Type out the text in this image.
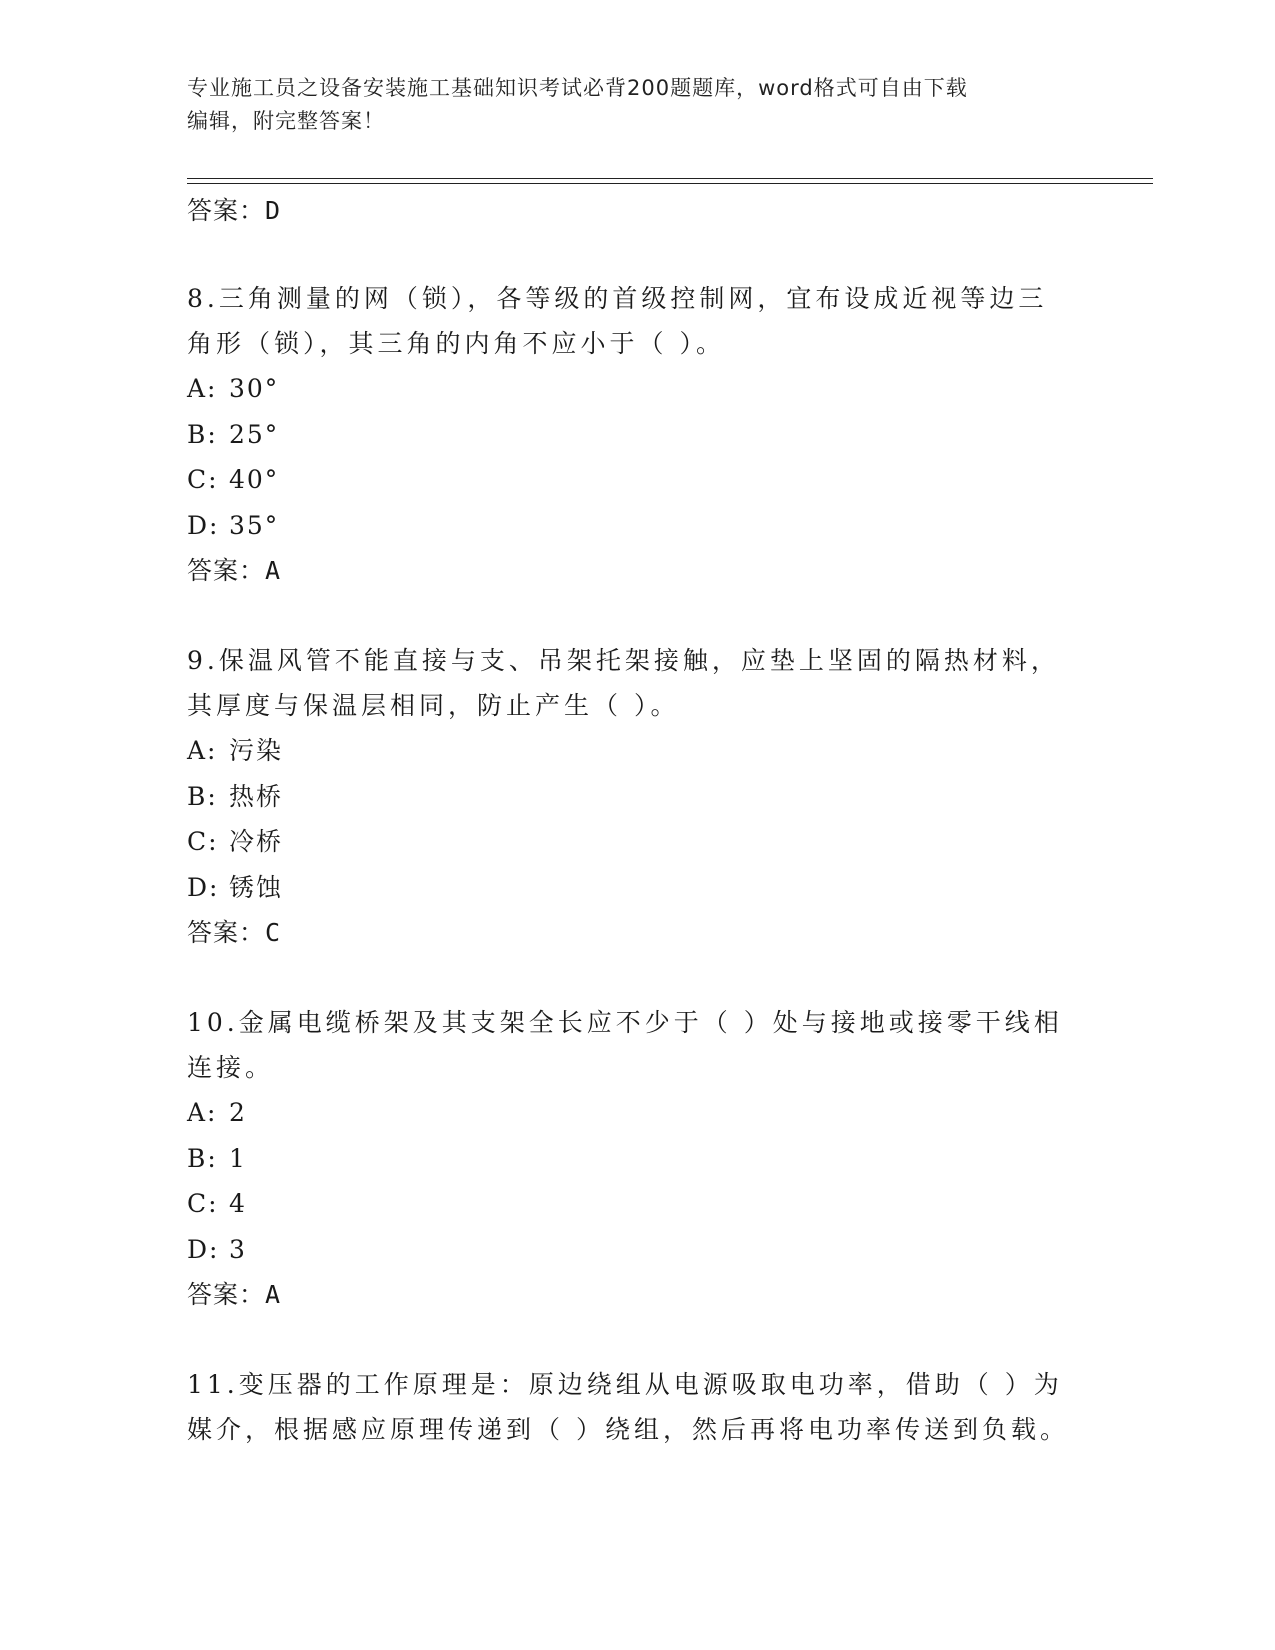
专业施工员之设备安装施工基础知识考试必背200题题库，word格式可自由下载
编辑，附完整答案！
答案：D
8.三角测量的网（锁），各等级的首级控制网，宜布设成近视等边三
角形（锁），其三角的内角不应小于（ ）。
A: 30°
B: 25°
C: 40°
D: 35°
答案：A
9.保温风管不能直接与支、吊架托架接触，应垫上坚固的隔热材料，
其厚度与保温层相同，防止产生（ ）。
A: 污染
B: 热桥
C: 冷桥
D: 锈蚀
答案：C
10.金属电缆桥架及其支架全长应不少于（ ）处与接地或接零干线相
连接。
A: 2
B: 1
C: 4
D: 3
答案：A
11.变压器的工作原理是：原边绕组从电源吸取电功率，借助（ ）为
媒介，根据感应原理传递到（ ）绕组，然后再将电功率传送到负载。
